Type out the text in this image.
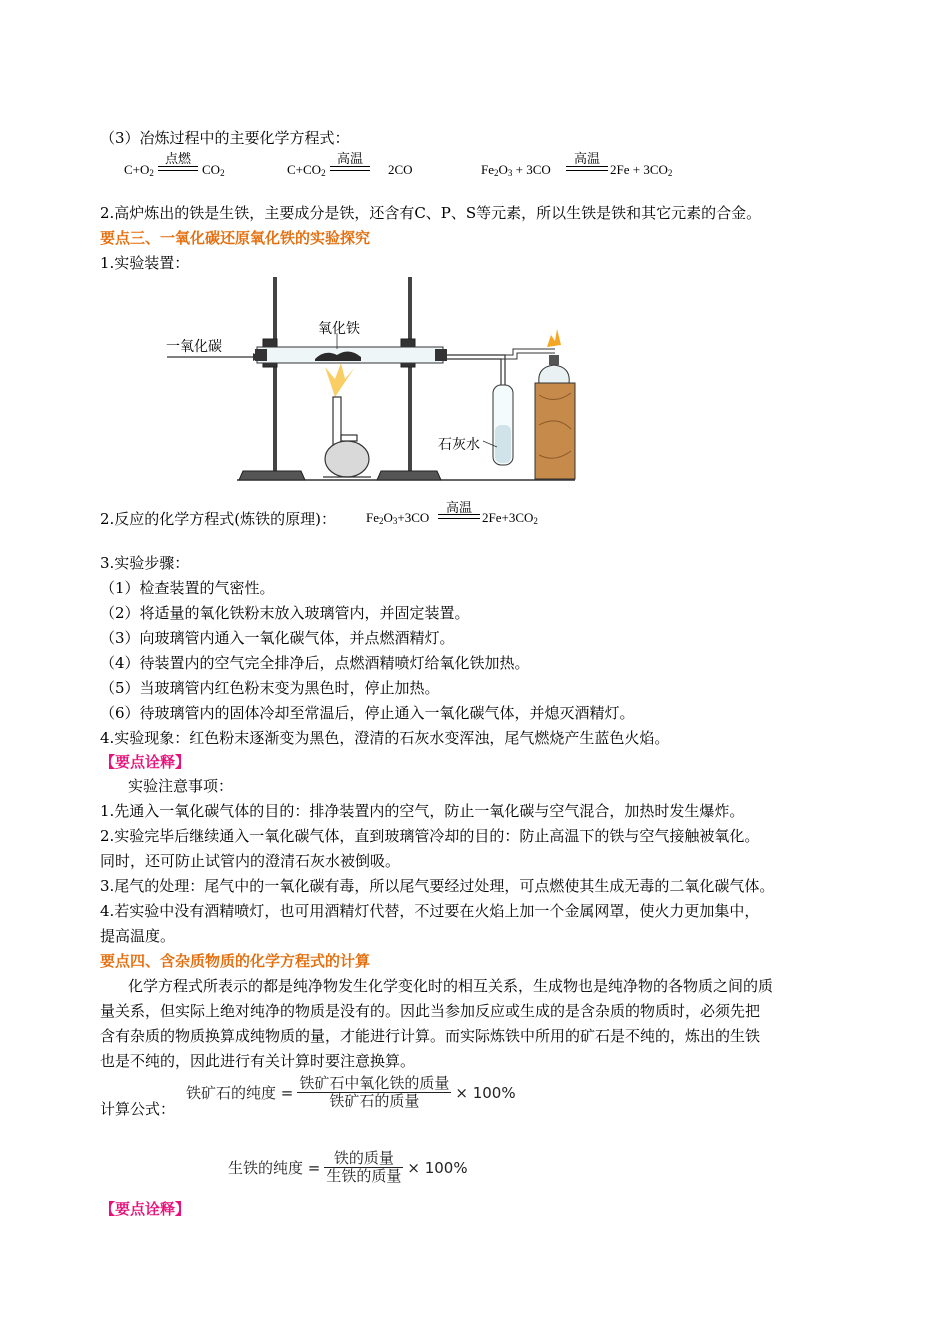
（3）冶炼过程中的主要化学方程式：
$C+O_2$
点燃
$CO_2$	$C+CO_2$
高温
2CO	$Fe_2O_3 + 3CO$
高温
$2Fe + 3CO_2$
2.高炉炼出的铁是生铁，主要成分是铁，还含有C、P、S等元素，所以生铁是铁和其它元素的合金。
要点三、一氧化碳还原氧化铁的实验探究
1.实验装置：
一氧化碳
氧化铁
石灰水
2.反应的化学方程式(炼铁的原理)： $Fe_2O_3+3CO$
高温
$2Fe+3CO_2$
3.实验步骤：
（1）检查装置的气密性。
（2）将适量的氧化铁粉末放入玻璃管内，并固定装置。
（3）向玻璃管内通入一氧化碳气体，并点燃酒精灯。
（4）待装置内的空气完全排净后，点燃酒精喷灯给氧化铁加热。
（5）当玻璃管内红色粉末变为黑色时，停止加热。
（6）待玻璃管内的固体冷却至常温后，停止通入一氧化碳气体，并熄灭酒精灯。
4.实验现象：红色粉末逐渐变为黑色，澄清的石灰水变浑浊，尾气燃烧产生蓝色火焰。
【要点诠释】
实验注意事项：
1.先通入一氧化碳气体的目的：排净装置内的空气，防止一氧化碳与空气混合，加热时发生爆炸。
2.实验完毕后继续通入一氧化碳气体，直到玻璃管冷却的目的：防止高温下的铁与空气接触被氧化。
同时，还可防止试管内的澄清石灰水被倒吸。
3.尾气的处理：尾气中的一氧化碳有毒，所以尾气要经过处理，可点燃使其生成无毒的二氧化碳气体。
4.若实验中没有酒精喷灯，也可用酒精灯代替，不过要在火焰上加一个金属网罩，使火力更加集中，
提高温度。
要点四、含杂质物质的化学方程式的计算
化学方程式所表示的都是纯净物发生化学变化时的相互关系，生成物也是纯净物的各物质之间的质
量关系，但实际上绝对纯净的物质是没有的。因此当参加反应或生成的是含杂质的物质时，必须先把
含有杂质的物质换算成纯物质的量，才能进行计算。而实际炼铁中所用的矿石是不纯的，炼出的生铁
也是不纯的，因此进行有关计算时要注意换算。
铁矿石的纯度 = $\frac{\text{铁矿石中氧化铁的质量}}{\text{铁矿石的质量}} \times 100\%$
计算公式：
生铁的纯度 = $\frac{\text{铁的质量}}{\text{生铁的质量}} \times 100\%$
【要点诠释】
